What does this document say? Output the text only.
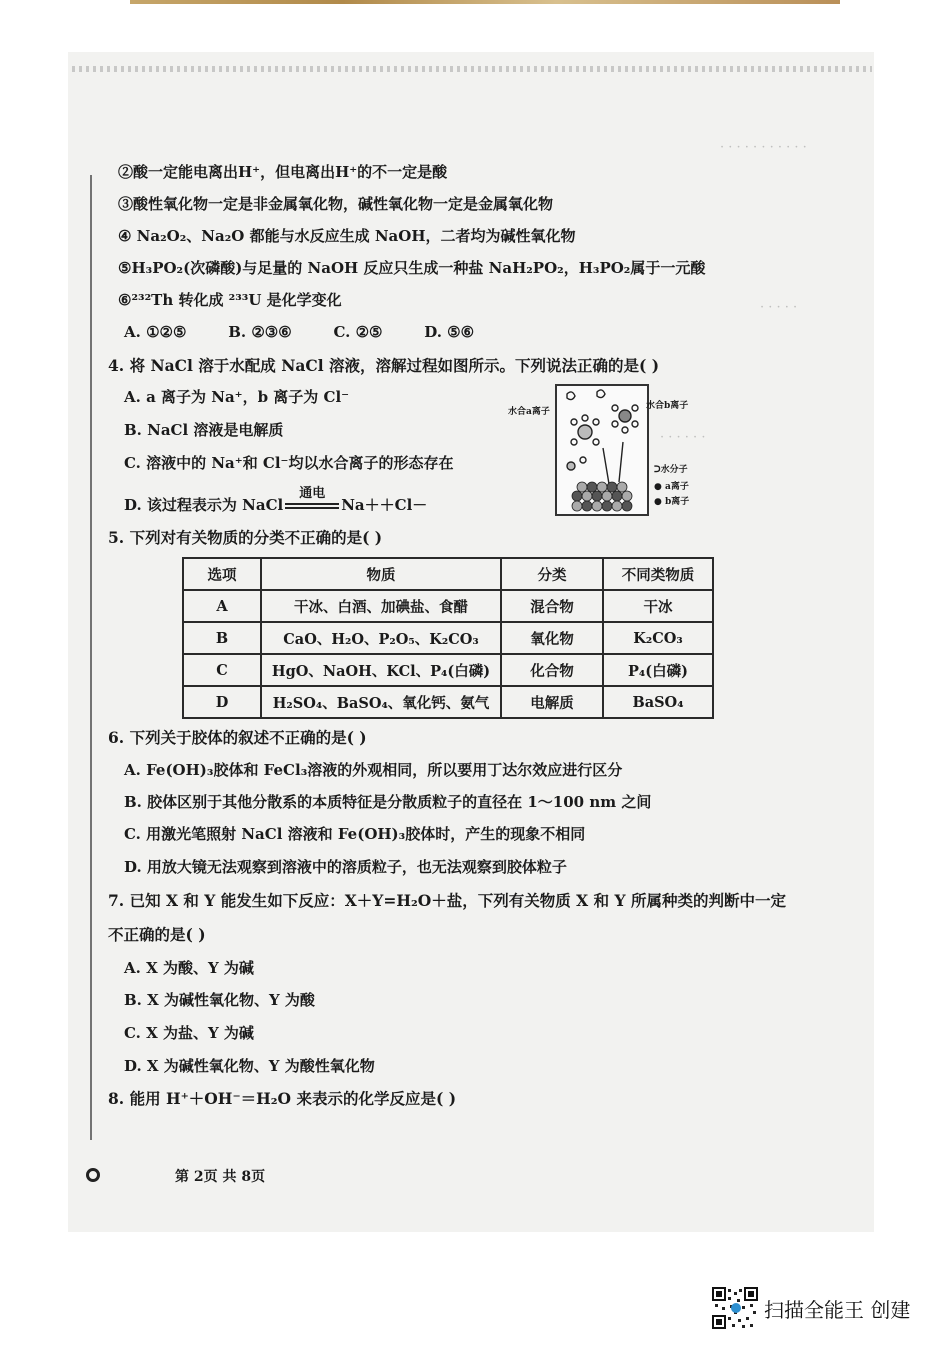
· · · · · · · · · · ·
· · · · ·
· · · · · ·
②酸一定能电离出H⁺，但电离出H⁺的不一定是酸
③酸性氧化物一定是非金属氧化物，碱性氧化物一定是金属氧化物
④ Na₂O₂、Na₂O 都能与水反应生成 NaOH，二者均为碱性氧化物
⑤H₃PO₂(次磷酸)与足量的 NaOH 反应只生成一种盐 NaH₂PO₂，H₃PO₂属于一元酸
⑥²³²Th 转化成 ²³³U 是化学变化
A. ①②⑤        B. ②③⑥        C. ②⑤        D. ⑤⑥
4. 将 NaCl 溶于水配成 NaCl 溶液，溶解过程如图所示。下列说法正确的是( )
A. a 离子为 Na⁺，b 离子为 Cl⁻
B. NaCl 溶液是电解质
C. 溶液中的 Na⁺和 Cl⁻均以水合离子的形态存在
D. 该过程表示为 NaCl
通电
Na＋＋Cl－
水合a离子
水合b离子
ᑐ水分子
● a离子
● b离子
5. 下列对有关物质的分类不正确的是( )
选项	物质	分类	不同类物质
A	干冰、白酒、加碘盐、食醋	混合物	干冰
B	CaO、H₂O、P₂O₅、K₂CO₃	氧化物	K₂CO₃
C	HgO、NaOH、KCl、P₄(白磷)	化合物	P₄(白磷)
D	H₂SO₄、BaSO₄、氧化钙、氨气	电解质	BaSO₄
6. 下列关于胶体的叙述不正确的是( )
A. Fe(OH)₃胶体和 FeCl₃溶液的外观相同，所以要用丁达尔效应进行区分
B. 胶体区别于其他分散系的本质特征是分散质粒子的直径在 1～100 nm 之间
C. 用激光笔照射 NaCl 溶液和 Fe(OH)₃胶体时，产生的现象不相同
D. 用放大镜无法观察到溶液中的溶质粒子，也无法观察到胶体粒子
7. 已知 X 和 Y 能发生如下反应：X＋Y=H₂O＋盐，下列有关物质 X 和 Y 所属种类的判断中一定
不正确的是( )
A. X 为酸、Y 为碱
B. X 为碱性氧化物、Y 为酸
C. X 为盐、Y 为碱
D. X 为碱性氧化物、Y 为酸性氧化物
8. 能用 H⁺＋OH⁻＝H₂O 来表示的化学反应是( )
第 2页 共 8页
扫描全能王 创建
